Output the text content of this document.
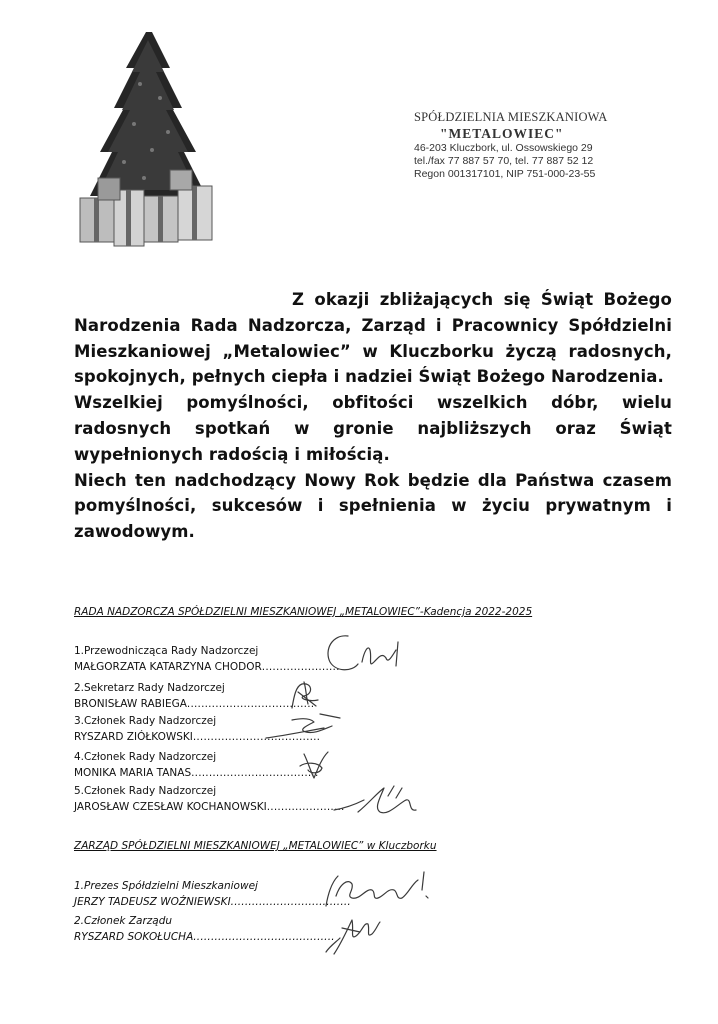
SPÓŁDZIELNIA MIESZKANIOWA
"METALOWIEC"
46-203 Kluczbork, ul. Ossowskiego 29
tel./fax 77 887 57 70, tel. 77 887 52 12
Regon 001317101, NIP 751-000-23-55

Z okazji zbliżających się Świąt Bożego Narodzenia Rada Nadzorcza, Zarząd i Pracownicy Spółdzielni Mieszkaniowej „Metalowiec” w Kluczborku życzą radosnych, spokojnych, pełnych ciepła i nadziei Świąt Bożego Narodzenia.

Wszelkiej pomyślności, obfitości wszelkich dóbr, wielu radosnych spotkań w gronie najbliższych oraz Świąt wypełnionych radością i miłością.

Niech ten nadchodzący Nowy Rok będzie dla Państwa czasem pomyślności, sukcesów i spełnienia w życiu prywatnym i zawodowym.

RADA NADZORCZA SPÓŁDZIELNI MIESZKANIOWEJ „METALOWIEC”-Kadencja 2022-2025
1.Przewodnicząca Rady Nadzorczej
MAŁGORZATA KATARZYNA CHODOR......................
2.Sekretarz Rady Nadzorczej
BRONISŁAW RABIEGA....................................
3.Członek Rady Nadzorczej
RYSZARD ZIÓŁKOWSKI....................................
4.Członek Rady Nadzorczej
MONIKA MARIA TANAS....................................
5.Członek Rady Nadzorczej
JAROSŁAW CZESŁAW KOCHANOWSKI......................
ZARZĄD SPÓŁDZIELNI MIESZKANIOWEJ „METALOWIEC” w Kluczborku
1.Prezes Spółdzielni Mieszkaniowej
JERZY TADEUSZ WOŹNIEWSKI..................................
2.Członek Zarządu
RYSZARD SOKOŁUCHA........................................
